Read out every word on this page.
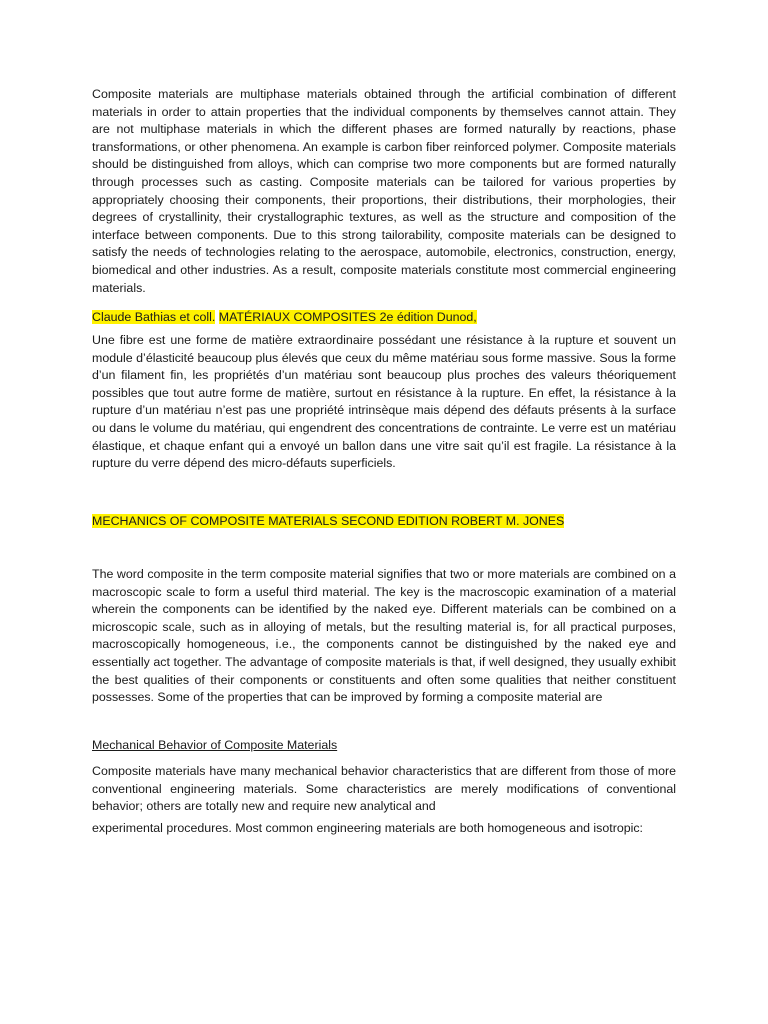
Composite materials are multiphase materials obtained through the artificial combination of different materials in order to attain properties that the individual components by themselves cannot attain. They are not multiphase materials in which the different phases are formed naturally by reactions, phase transformations, or other phenomena. An example is carbon fiber reinforced polymer. Composite materials should be distinguished from alloys, which can comprise two more components but are formed naturally through processes such as casting. Composite materials can be tailored for various properties by appropriately choosing their components, their proportions, their distributions, their morphologies, their degrees of crystallinity, their crystallographic textures, as well as the structure and composition of the interface between components. Due to this strong tailorability, composite materials can be designed to satisfy the needs of technologies relating to the aerospace, automobile, electronics, construction, energy, biomedical and other industries. As a result, composite materials constitute most commercial engineering materials.

Claude Bathias et coll. MATÉRIAUX COMPOSITES 2e édition Dunod,

Une fibre est une forme de matière extraordinaire possédant une résistance à la rupture et souvent un module d’élasticité beaucoup plus élevés que ceux du même matériau sous forme massive. Sous la forme d’un filament fin, les propriétés d’un matériau sont beaucoup plus proches des valeurs théoriquement possibles que tout autre forme de matière, surtout en résistance à la rupture. En effet, la résistance à la rupture d’un matériau n’est pas une propriété intrinsèque mais dépend des défauts présents à la surface ou dans le volume du matériau, qui engendrent des concentrations de contrainte. Le verre est un matériau élastique, et chaque enfant qui a envoyé un ballon dans une vitre sait qu’il est fragile. La résistance à la rupture du verre dépend des micro-défauts superficiels.

MECHANICS OF COMPOSITE MATERIALS SECOND EDITION ROBERT M. JONES

The word composite in the term composite material signifies that two or more materials are combined on a macroscopic scale to form a useful third material. The key is the macroscopic examination of a material wherein the components can be identified by the naked eye. Different materials can be combined on a microscopic scale, such as in alloying of metals, but the resulting material is, for all practical purposes, macroscopically homogeneous, i.e., the components cannot be distinguished by the naked eye and essentially act together. The advantage of composite materials is that, if well designed, they usually exhibit the best qualities of their components or constituents and often some qualities that neither constituent possesses. Some of the properties that can be improved by forming a composite material are

Mechanical Behavior of Composite Materials

Composite materials have many mechanical behavior characteristics that are different from those of more conventional engineering materials. Some characteristics are merely modifications of conventional behavior; others are totally new and require new analytical and

experimental procedures. Most common engineering materials are both homogeneous and isotropic:
